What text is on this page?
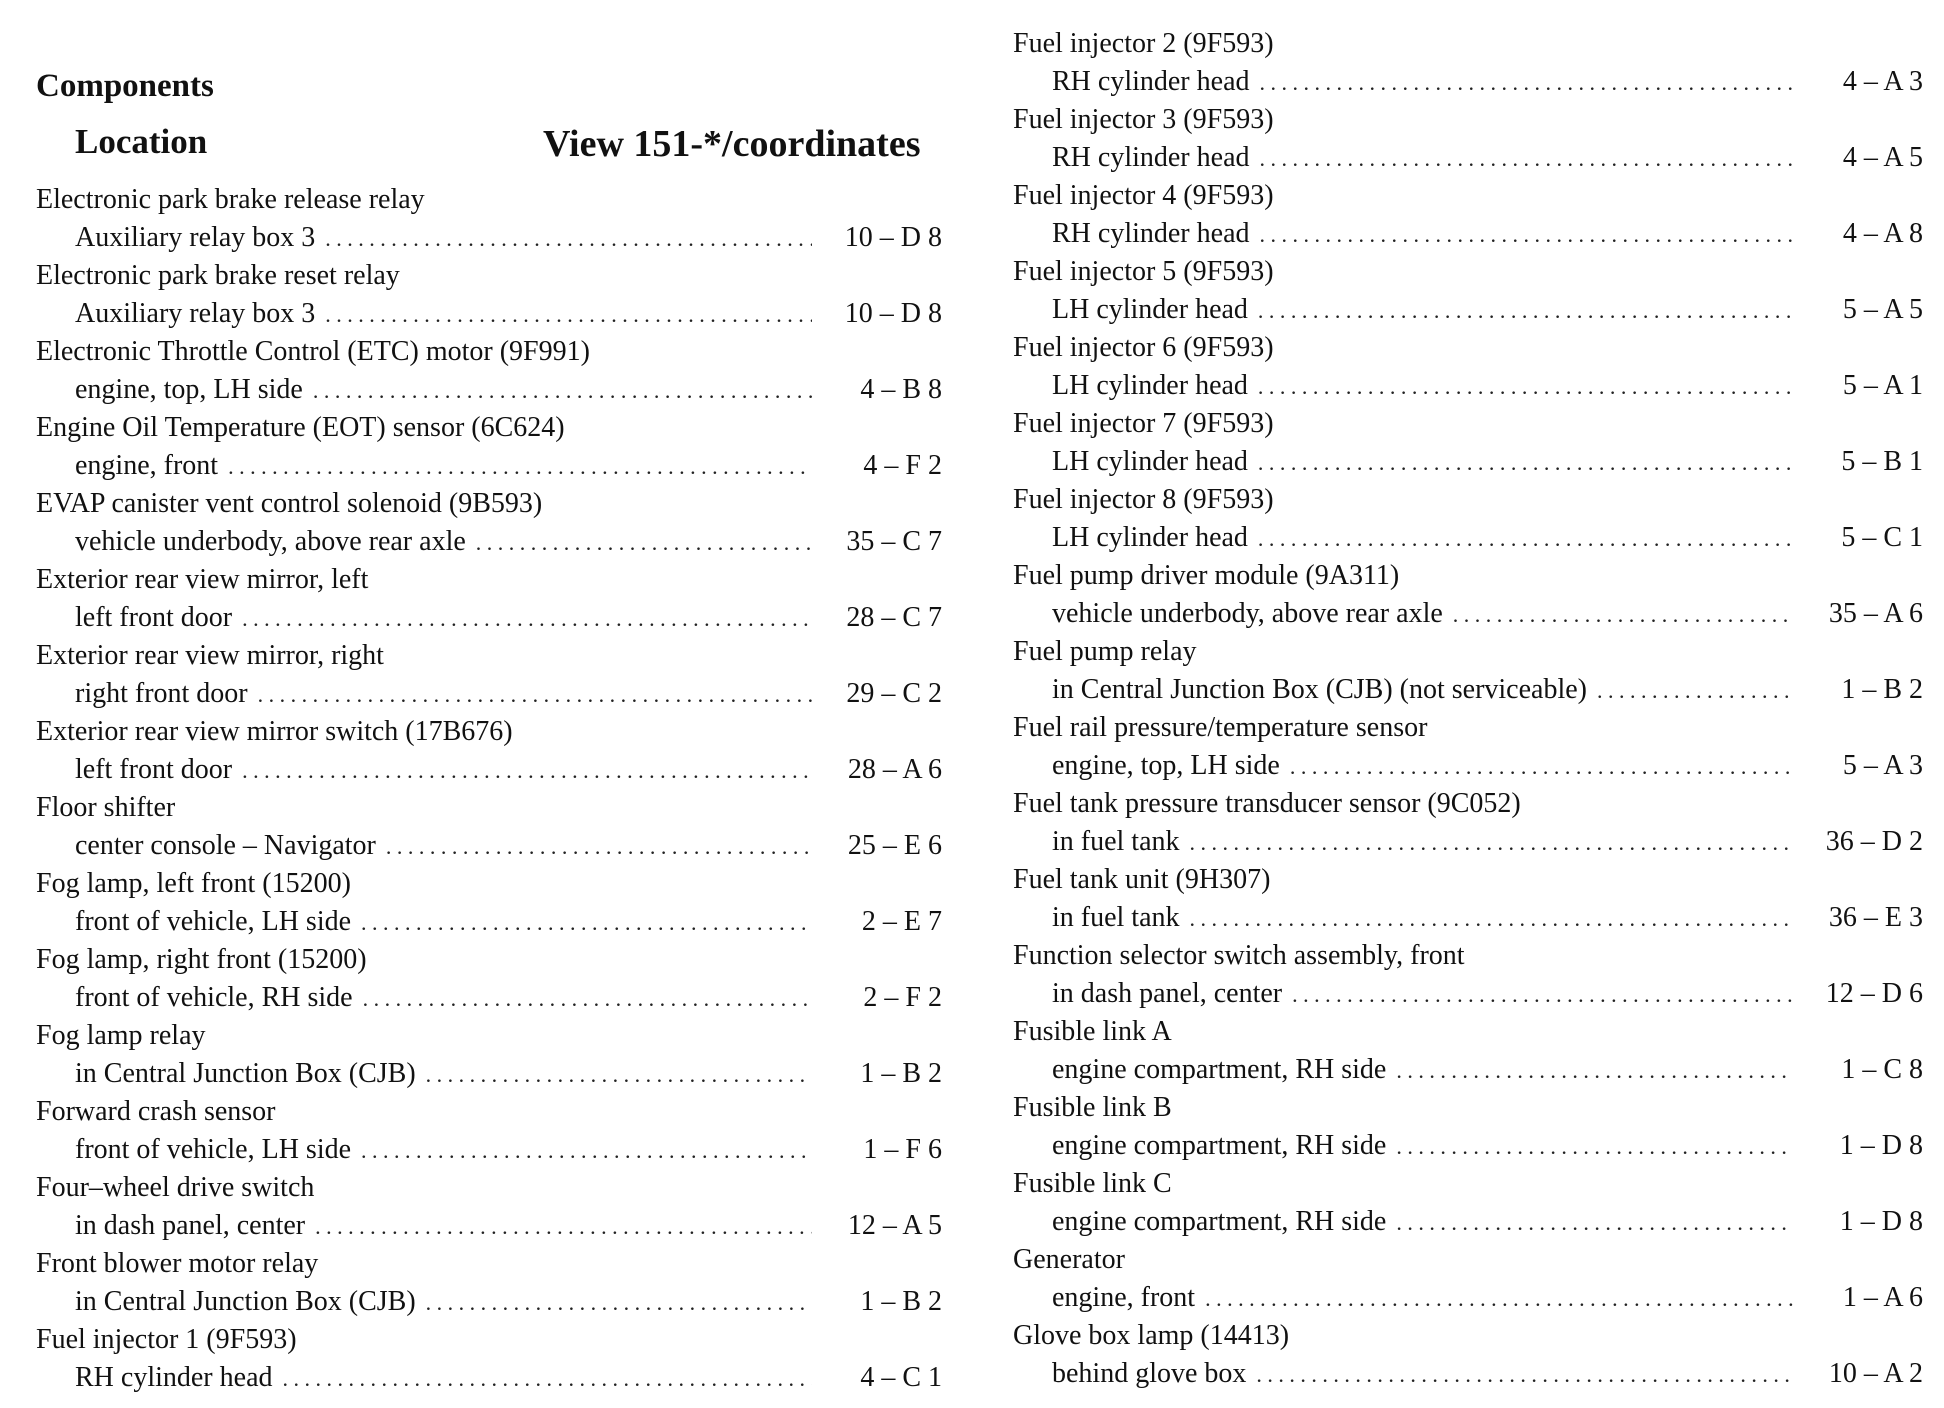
Components
Location	View 151-*/coordinates
Electronic park brake release relay
Auxiliary relay box 3 . . .	10 – D 8
Electronic park brake reset relay
Auxiliary relay box 3 . . .	10 – D 8
Electronic Throttle Control (ETC) motor (9F991)
engine, top, LH side . . .	4 – B 8
Engine Oil Temperature (EOT) sensor (6C624)
engine, front . . .	4 – F 2
EVAP canister vent control solenoid (9B593)
vehicle underbody, above rear axle . . .	35 – C 7
Exterior rear view mirror, left
left front door . . .	28 – C 7
Exterior rear view mirror, right
right front door . . .	29 – C 2
Exterior rear view mirror switch (17B676)
left front door . . .	28 – A 6
Floor shifter
center console – Navigator . . .	25 – E 6
Fog lamp, left front (15200)
front of vehicle, LH side . . .	2 – E 7
Fog lamp, right front (15200)
front of vehicle, RH side . . .	2 – F 2
Fog lamp relay
in Central Junction Box (CJB) . . .	1 – B 2
Forward crash sensor
front of vehicle, LH side . . .	1 – F 6
Four–wheel drive switch
in dash panel, center . . .	12 – A 5
Front blower motor relay
in Central Junction Box (CJB) . . .	1 – B 2
Fuel injector 1 (9F593)
RH cylinder head . . .	4 – C 1
Fuel injector 2 (9F593)
RH cylinder head . . .	4 – A 3
Fuel injector 3 (9F593)
RH cylinder head . . .	4 – A 5
Fuel injector 4 (9F593)
RH cylinder head . . .	4 – A 8
Fuel injector 5 (9F593)
LH cylinder head . . .	5 – A 5
Fuel injector 6 (9F593)
LH cylinder head . . .	5 – A 1
Fuel injector 7 (9F593)
LH cylinder head . . .	5 – B 1
Fuel injector 8 (9F593)
LH cylinder head . . .	5 – C 1
Fuel pump driver module (9A311)
vehicle underbody, above rear axle . . .	35 – A 6
Fuel pump relay
in Central Junction Box (CJB) (not serviceable) . . .	1 – B 2
Fuel rail pressure/temperature sensor
engine, top, LH side . . .	5 – A 3
Fuel tank pressure transducer sensor (9C052)
in fuel tank . . .	36 – D 2
Fuel tank unit (9H307)
in fuel tank . . .	36 – E 3
Function selector switch assembly, front
in dash panel, center . . .	12 – D 6
Fusible link A
engine compartment, RH side . . .	1 – C 8
Fusible link B
engine compartment, RH side . . .	1 – D 8
Fusible link C
engine compartment, RH side . . .	1 – D 8
Generator
engine, front . . .	1 – A 6
Glove box lamp (14413)
behind glove box . . .	10 – A 2
